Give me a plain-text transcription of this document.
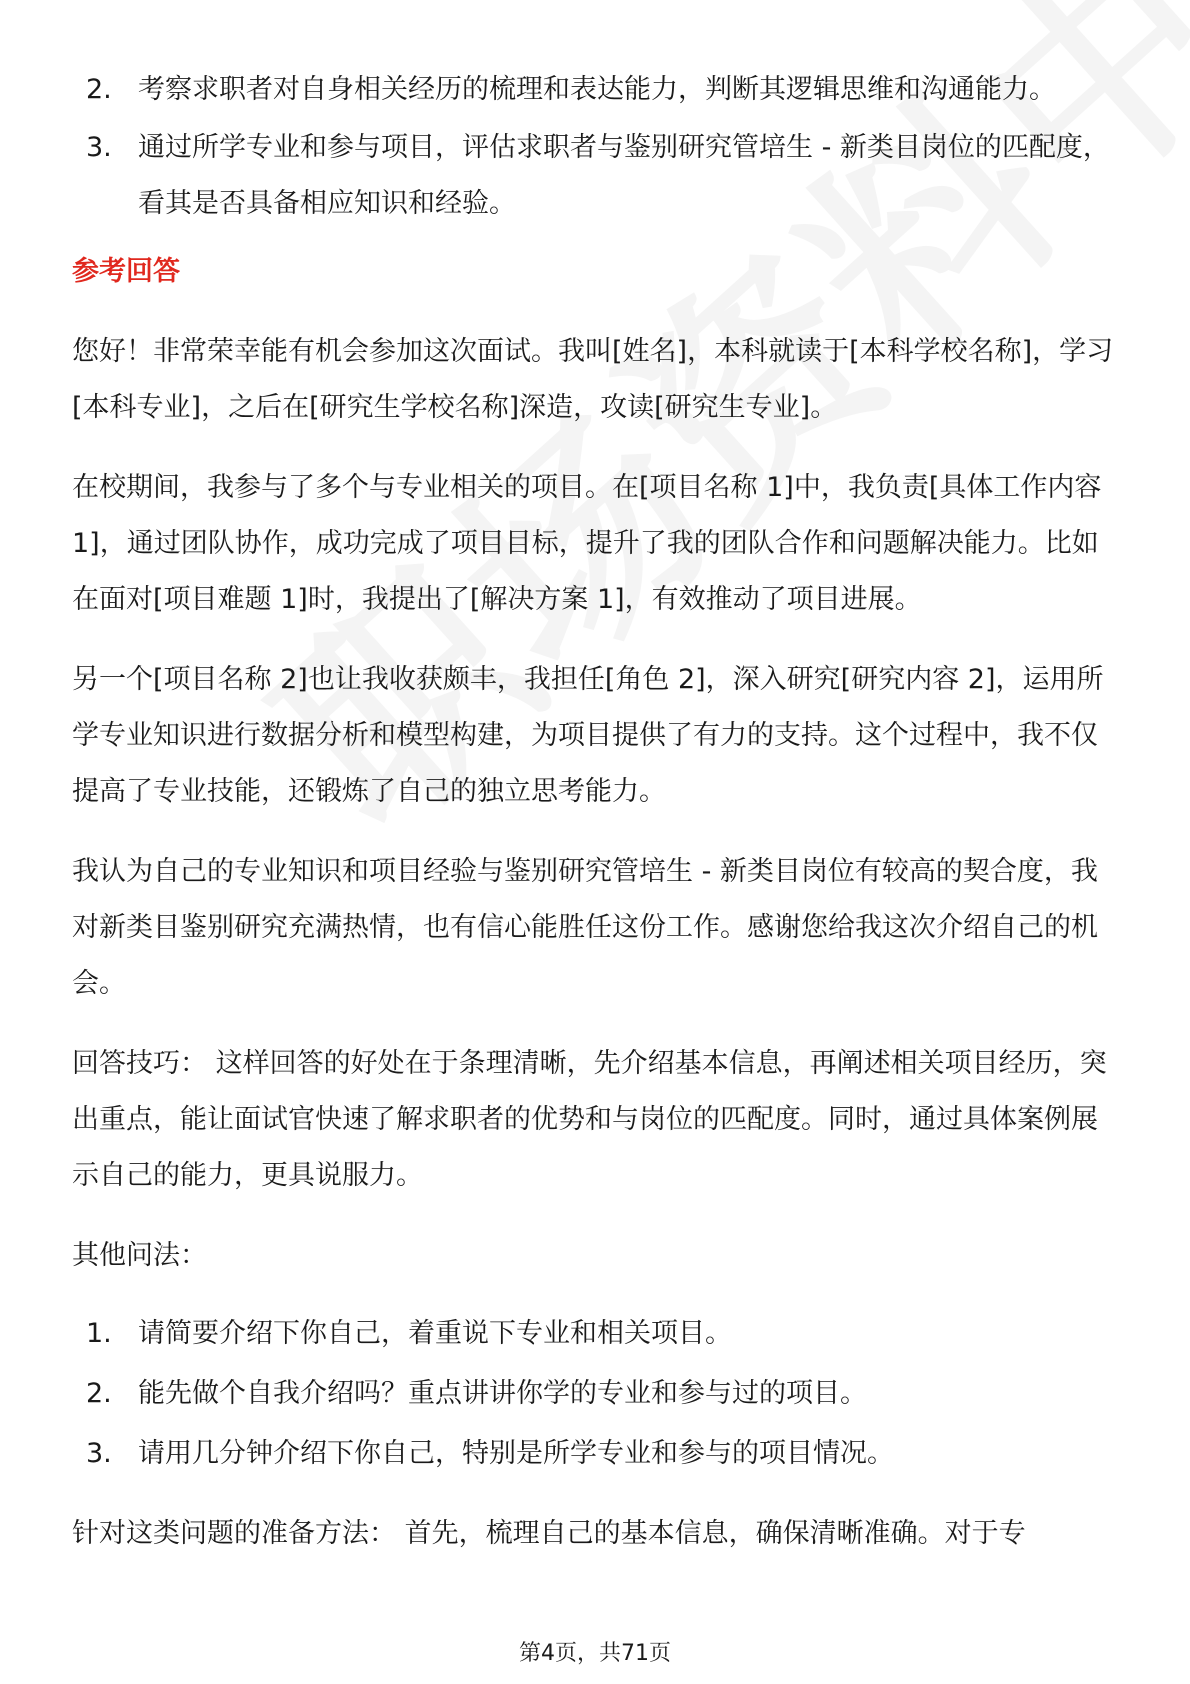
2. 考察求职者对自身相关经历的梳理和表达能力，判断其逻辑思维和沟通能力。
3. 通过所学专业和参与项目，评估求职者与鉴别研究管培生 - 新类目岗位的匹配度，看其是否具备相应知识和经验。

参考回答

您好！非常荣幸能有机会参加这次面试。我叫[姓名]，本科就读于[本科学校名称]，学习[本科专业]，之后在[研究生学校名称]深造，攻读[研究生专业]。

在校期间，我参与了多个与专业相关的项目。在[项目名称 1]中，我负责[具体工作内容 1]，通过团队协作，成功完成了项目目标，提升了我的团队合作和问题解决能力。比如在面对[项目难题 1]时，我提出了[解决方案 1]，有效推动了项目进展。

另一个[项目名称 2]也让我收获颇丰，我担任[角色 2]，深入研究[研究内容 2]，运用所学专业知识进行数据分析和模型构建，为项目提供了有力的支持。这个过程中，我不仅提高了专业技能，还锻炼了自己的独立思考能力。

我认为自己的专业知识和项目经验与鉴别研究管培生 - 新类目岗位有较高的契合度，我对新类目鉴别研究充满热情，也有信心能胜任这份工作。感谢您给我这次介绍自己的机会。

回答技巧： 这样回答的好处在于条理清晰，先介绍基本信息，再阐述相关项目经历，突出重点，能让面试官快速了解求职者的优势和与岗位的匹配度。同时，通过具体案例展示自己的能力，更具说服力。

其他问法：

1. 请简要介绍下你自己，着重说下专业和相关项目。
2. 能先做个自我介绍吗？重点讲讲你学的专业和参与过的项目。
3. 请用几分钟介绍下你自己，特别是所学专业和参与的项目情况。

针对这类问题的准备方法： 首先，梳理自己的基本信息，确保清晰准确。对于专

第4页，共71页
